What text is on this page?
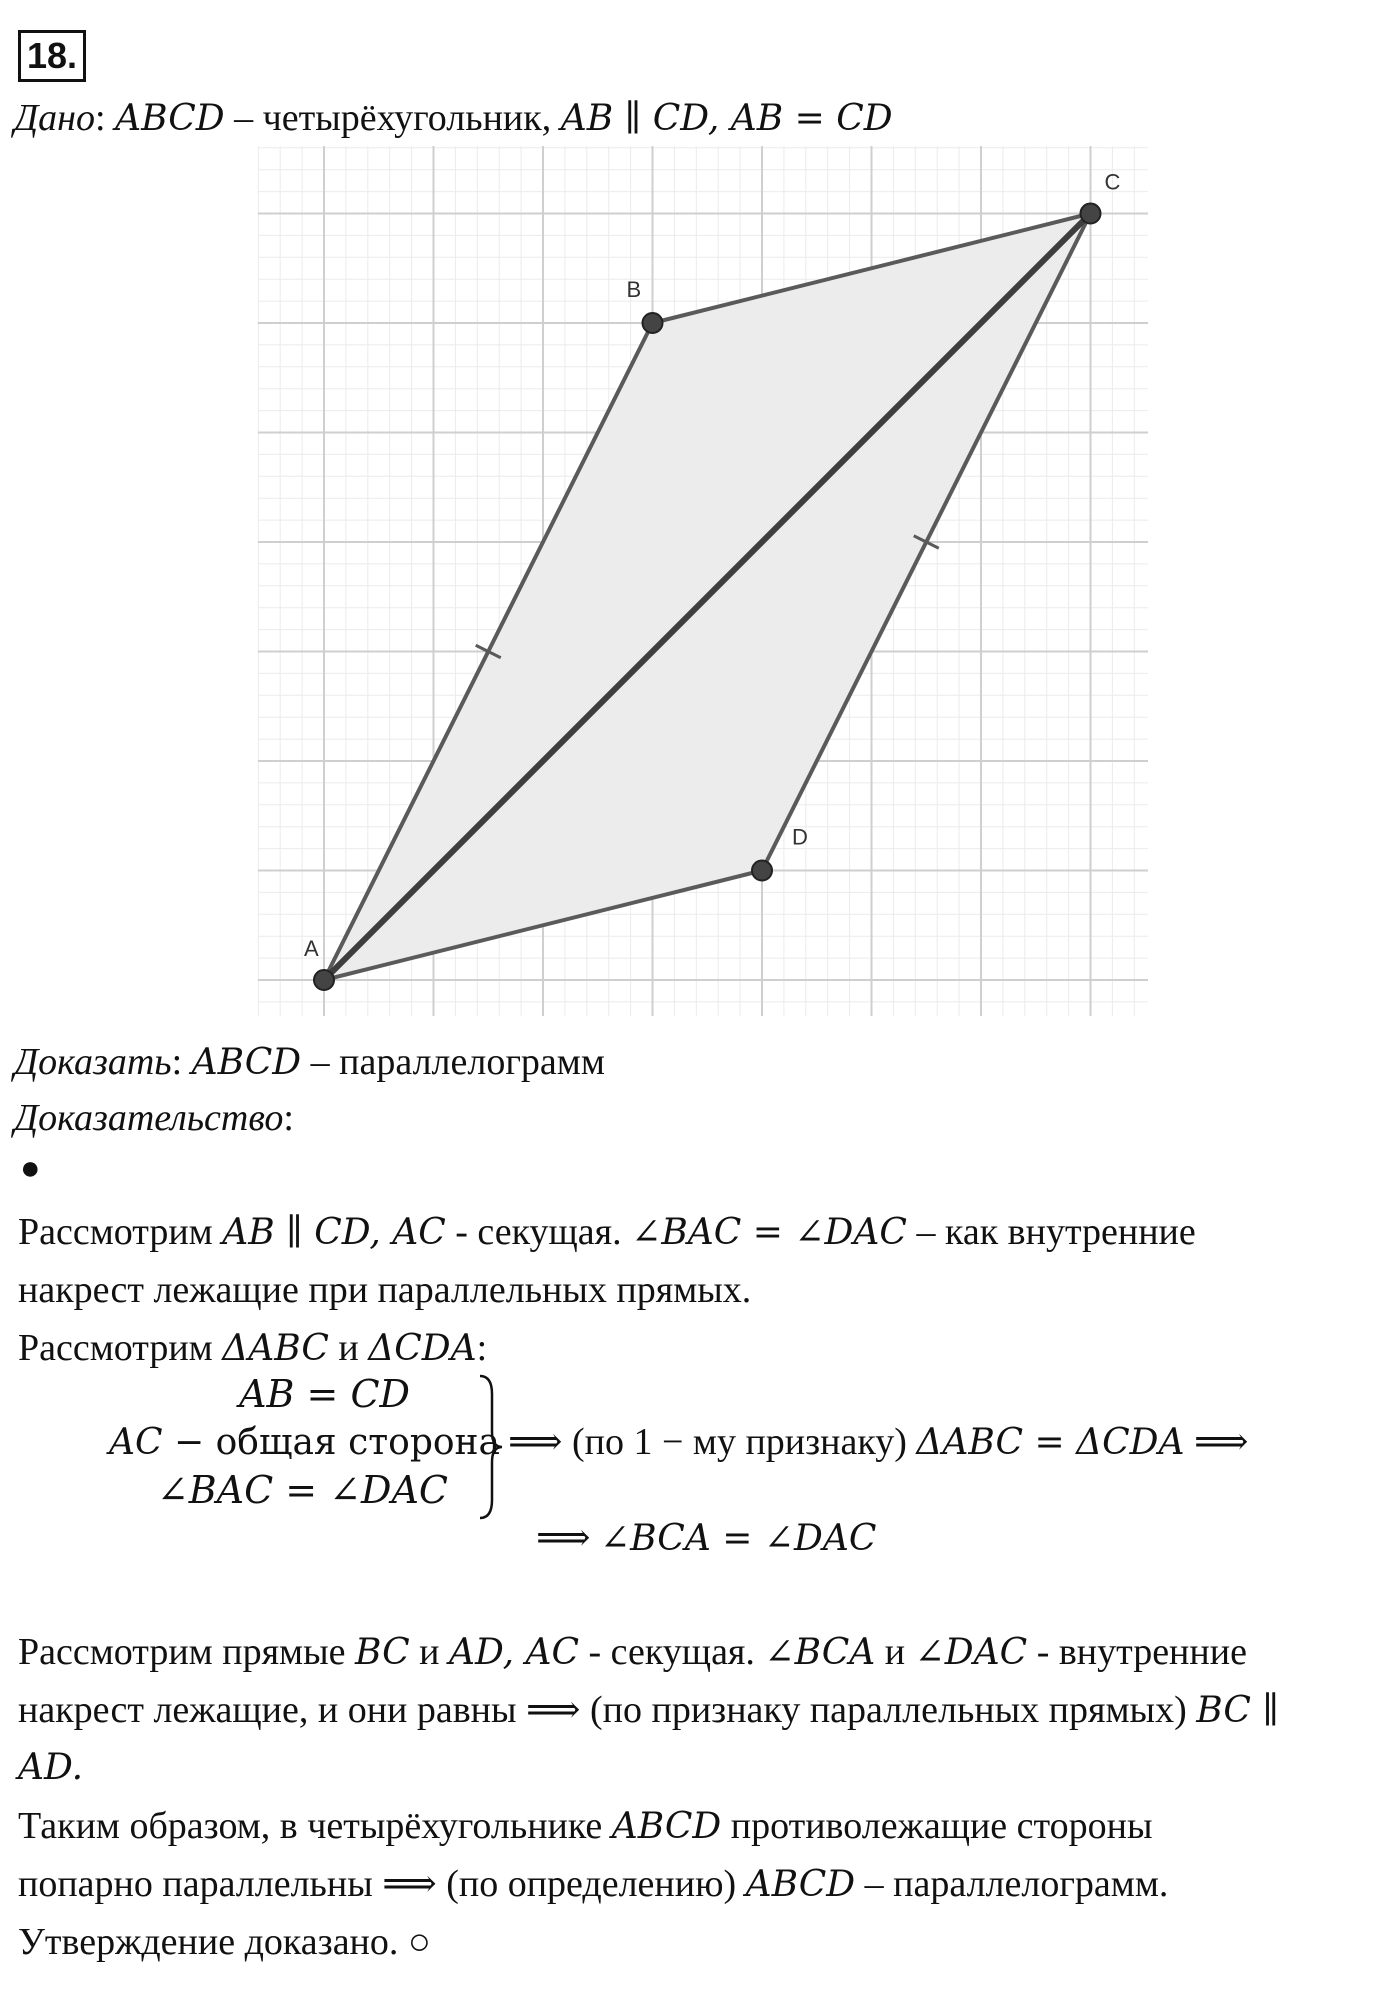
18.
Дано: ABCD – четырёхугольник, AB ∥ CD, AB = CD
A
B
C
D
Доказать: ABCD – параллелограмм
Доказательство:
●
Рассмотрим AB ∥ CD, AC - секущая. ∠BAC = ∠DAC – как внутренние
накрест лежащие при параллельных прямых.
Рассмотрим ΔABC и ΔCDA:
AB = CD
AC − общая сторона
∠BAC = ∠DAC
⟹ (по 1 − му признаку) ΔABC = ΔCDA ⟹
⟹ ∠BCA = ∠DAC
Рассмотрим прямые BC и AD, AC - секущая. ∠BCA и ∠DAC - внутренние
накрест лежащие, и они равны ⟹ (по признаку параллельных прямых) BC ∥
AD.
Таким образом, в четырёхугольнике ABCD противолежащие стороны
попарно параллельны ⟹ (по определению) ABCD – параллелограмм.
Утверждение доказано. ○
